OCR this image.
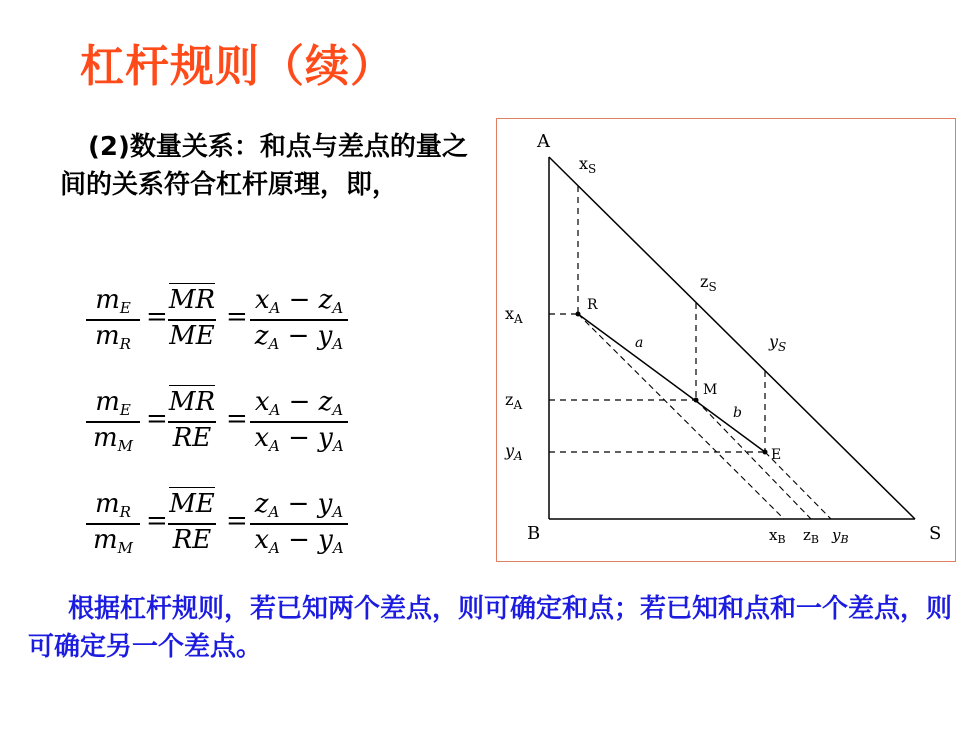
杠杆规则（续）
(2)数量关系：和点与差点的量之间的关系符合杠杆原理，即，
$m_E$
$m_R$
=
MR
ME
=
$x_A - z_A$
$z_A - y_A$
$m_E$
$m_M$
=
MR
RE
=
$x_A - z_A$
$x_A - y_A$
$m_R$
$m_M$
=
ME
RE
=
$z_A - y_A$
$x_A - y_A$
A
B	S
R
M
E
a
b
$x_S$
$z_S$
$y_S$
$x_A$
$z_A$
$y_A$
$x_B$ $z_B$ $y_B$
根据杠杆规则，若已知两个差点，则可确定和点；若已知和点和一个差点，则可确定另一个差点。
